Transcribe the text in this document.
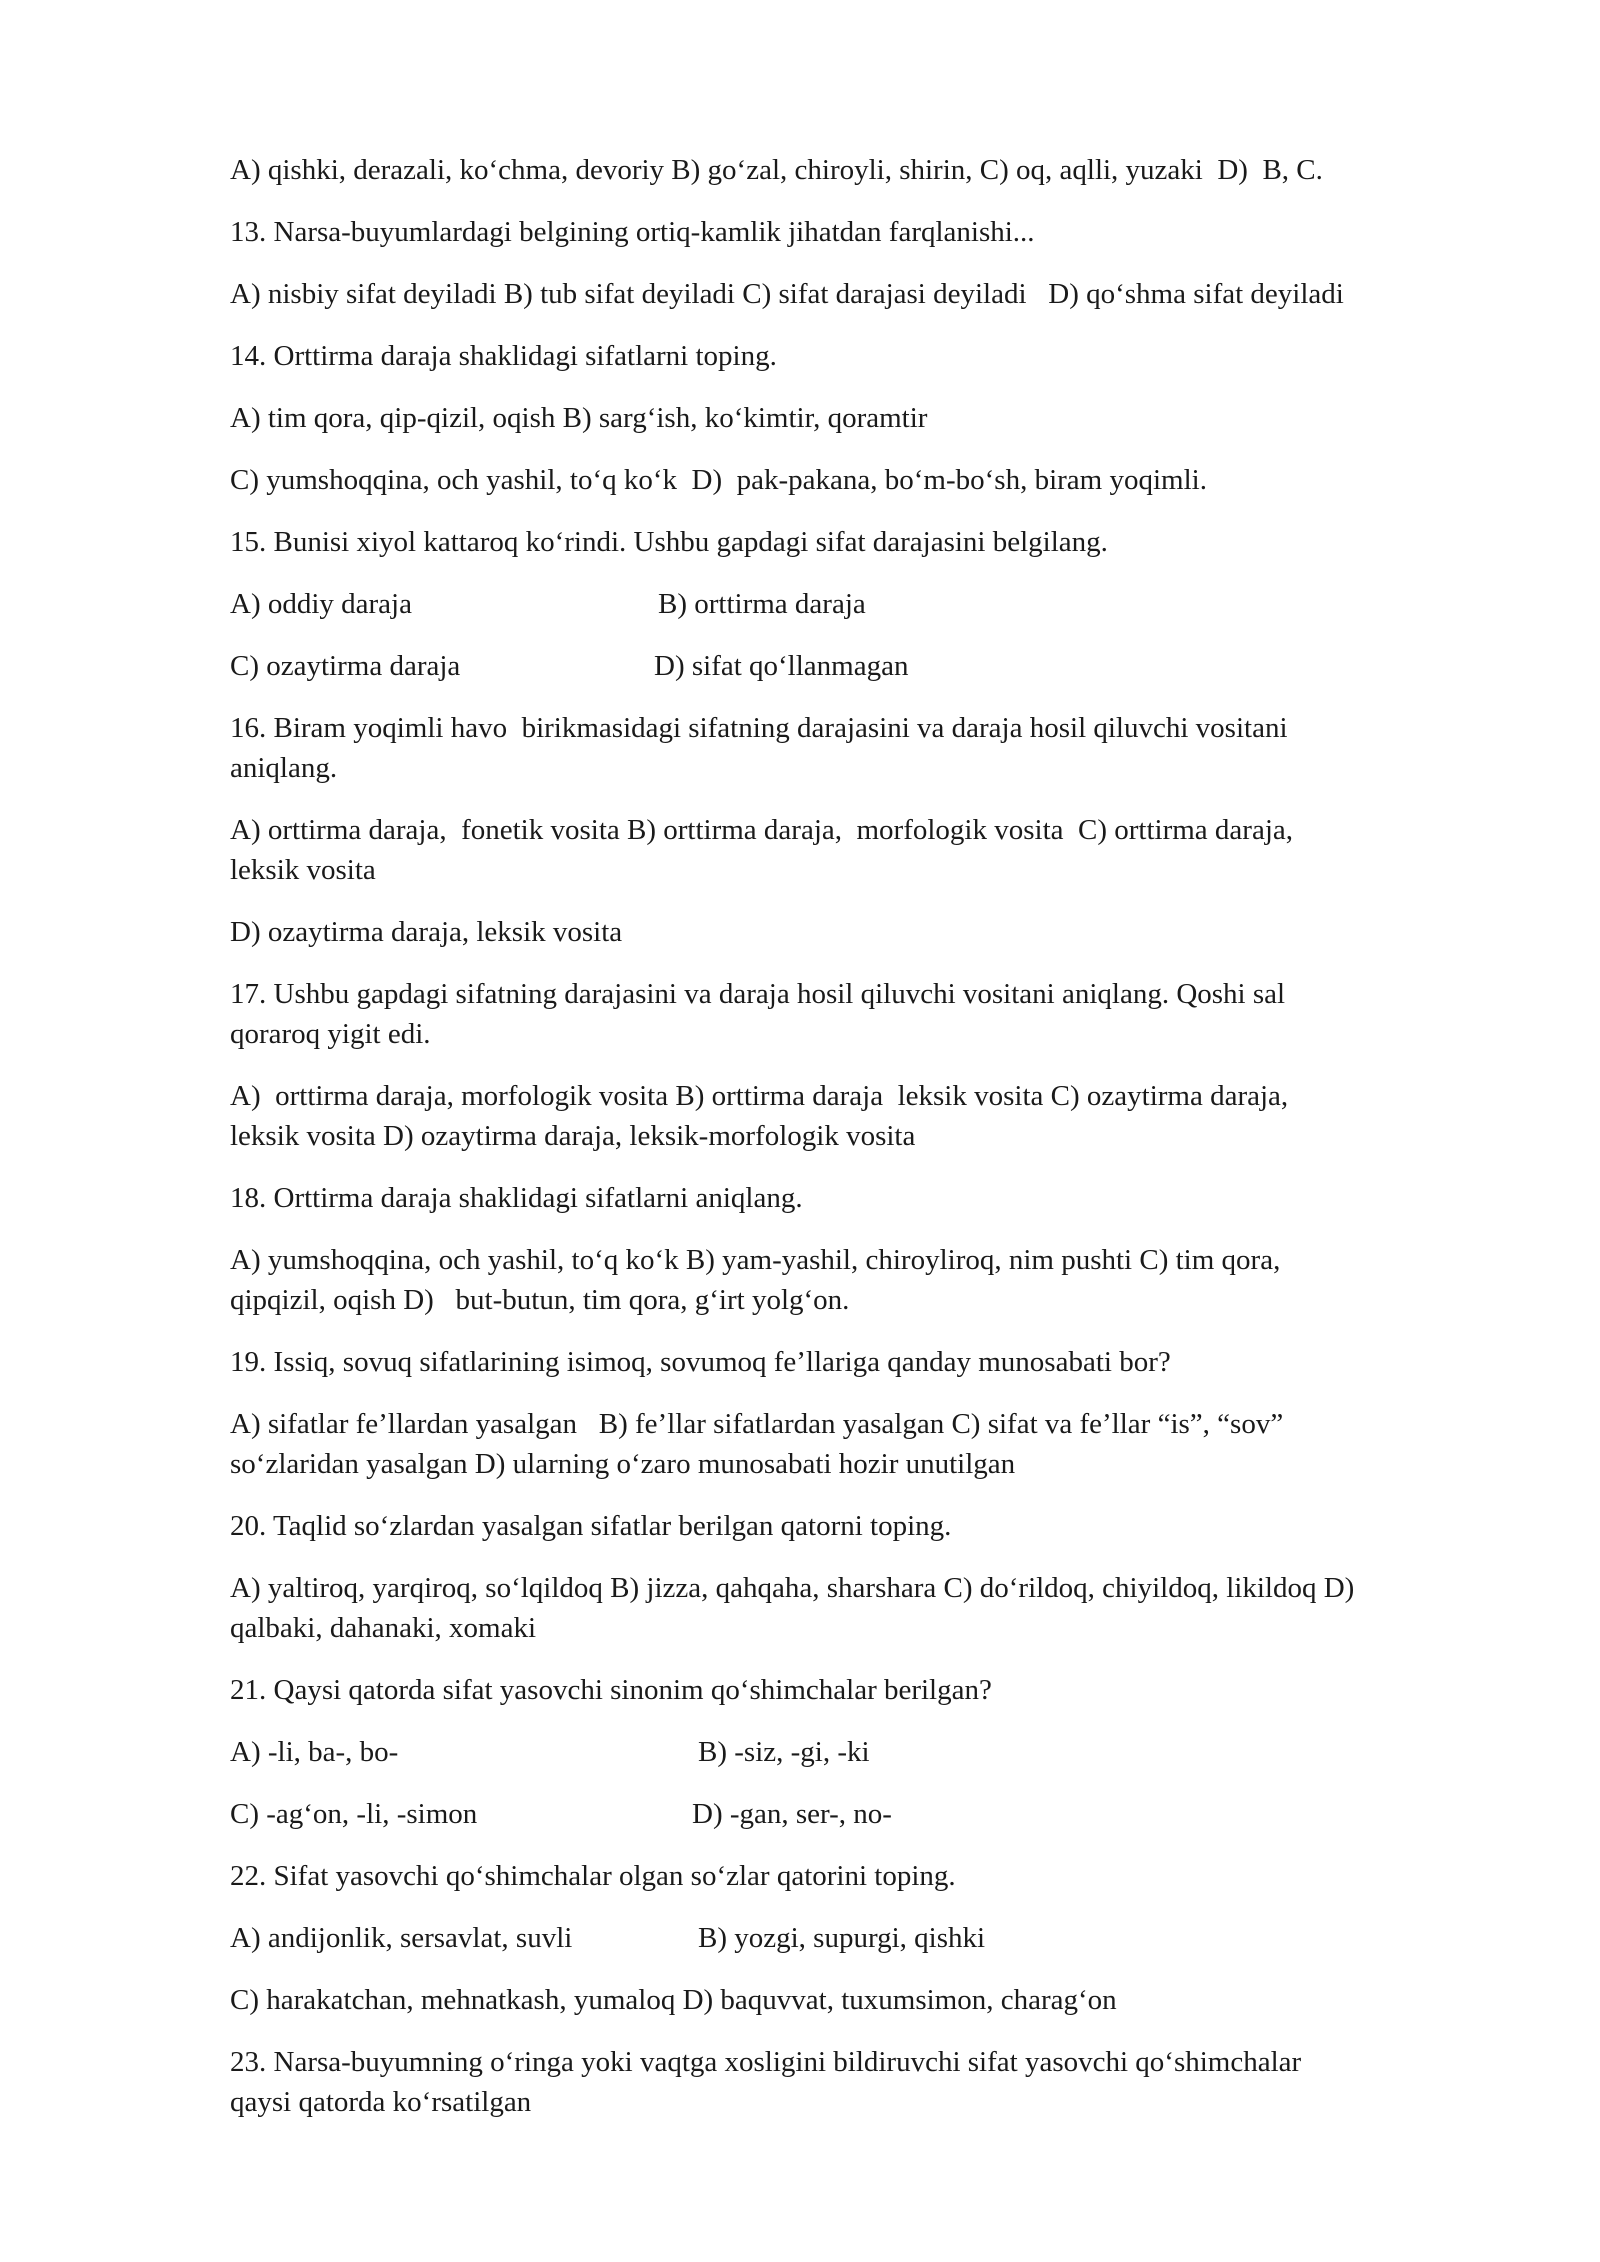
A) qishki, derazali, ko‘chma, devoriy B) go‘zal, chiroyli, shirin, C) oq, aqlli, yuzaki  D)  B, C.

13. Narsa-buyumlardagi belgining ortiq-kamlik jihatdan farqlanishi...

A) nisbiy sifat deyiladi B) tub sifat deyiladi C) sifat darajasi deyiladi   D) qo‘shma sifat deyiladi

14. Orttirma daraja shaklidagi sifatlarni toping.

A) tim qora, qip-qizil, oqish B) sarg‘ish, ko‘kimtir, qoramtir

C) yumshoqqina, och yashil, to‘q ko‘k  D)  pak-pakana, bo‘m-bo‘sh, biram yoqimli.

15. Bunisi xiyol kattaroq ko‘rindi. Ushbu gapdagi sifat darajasini belgilang.

A) oddiy daraja	B) orttirma daraja
C) ozaytirma daraja	D) sifat qo‘llanmagan

16. Biram yoqimli havo  birikmasidagi sifatning darajasini va daraja hosil qiluvchi vositani
aniqlang.

A) orttirma daraja,  fonetik vosita B) orttirma daraja,  morfologik vosita  C) orttirma daraja,
leksik vosita

D) ozaytirma daraja, leksik vosita

17. Ushbu gapdagi sifatning darajasini va daraja hosil qiluvchi vositani aniqlang. Qoshi sal
qoraroq yigit edi.

A)  orttirma daraja, morfologik vosita B) orttirma daraja  leksik vosita C) ozaytirma daraja,
leksik vosita D) ozaytirma daraja, leksik-morfologik vosita

18. Orttirma daraja shaklidagi sifatlarni aniqlang.

A) yumshoqqina, och yashil, to‘q ko‘k B) yam-yashil, chiroyliroq, nim pushti C) tim qora,
qipqizil, oqish D)   but-butun, tim qora, g‘irt yolg‘on.

19. Issiq, sovuq sifatlarining isimoq, sovumoq fe’llariga qanday munosabati bor?

A) sifatlar fe’llardan yasalgan   B) fe’llar sifatlardan yasalgan C) sifat va fe’llar “is”, “sov”
so‘zlaridan yasalgan D) ularning o‘zaro munosabati hozir unutilgan

20. Taqlid so‘zlardan yasalgan sifatlar berilgan qatorni toping.

A) yaltiroq, yarqiroq, so‘lqildoq B) jizza, qahqaha, sharshara C) do‘rildoq, chiyildoq, likildoq D)
qalbaki, dahanaki, xomaki

21. Qaysi qatorda sifat yasovchi sinonim qo‘shimchalar berilgan?

A) -li, ba-, bo-	B) -siz, -gi, -ki
C) -ag‘on, -li, -simon	D) -gan, ser-, no-

22. Sifat yasovchi qo‘shimchalar olgan so‘zlar qatorini toping.

A) andijonlik, sersavlat, suvli	B) yozgi, supurgi, qishki

C) harakatchan, mehnatkash, yumaloq D) baquvvat, tuxumsimon, charag‘on

23. Narsa-buyumning o‘ringa yoki vaqtga xosligini bildiruvchi sifat yasovchi qo‘shimchalar
qaysi qatorda ko‘rsatilgan
